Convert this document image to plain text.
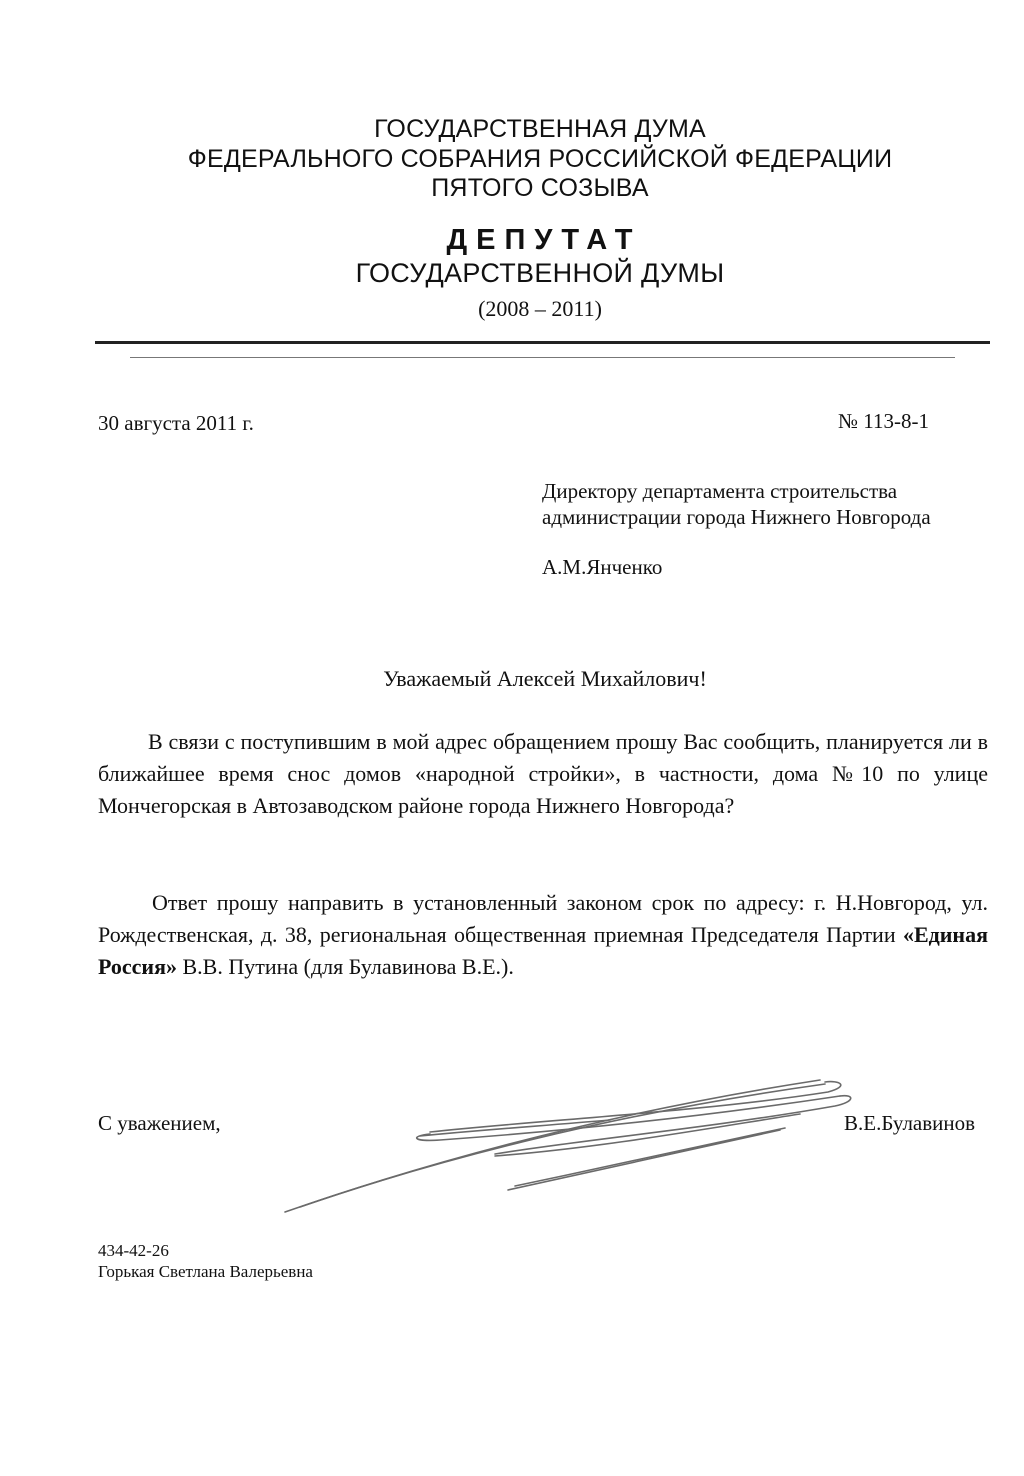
ГОСУДАРСТВЕННАЯ ДУМА
ФЕДЕРАЛЬНОГО СОБРАНИЯ РОССИЙСКОЙ ФЕДЕРАЦИИ
ПЯТОГО СОЗЫВА
ДЕПУТАТ
ГОСУДАРСТВЕННОЙ ДУМЫ
(2008 – 2011)
30 августа 2011 г.	№ 113-8-1
Директору департамента строительства
администрации города Нижнего Новгорода
А.М.Янченко
Уважаемый Алексей Михайлович!
В связи с поступившим в мой адрес обращением прошу Вас сообщить, планируется ли в ближайшее время снос домов «народной стройки», в частности, дома №10 по улице Мончегорская в Автозаводском районе города Нижнего Новгорода?
Ответ прошу направить в установленный законом срок по адресу: г. Н.Новгород, ул. Рождественская, д. 38, региональная общественная приемная Председателя Партии «Единая Россия» В.В. Путина (для Булавинова В.Е.).
С уважением,	В.Е.Булавинов
434-42-26
Горькая Светлана Валерьевна
